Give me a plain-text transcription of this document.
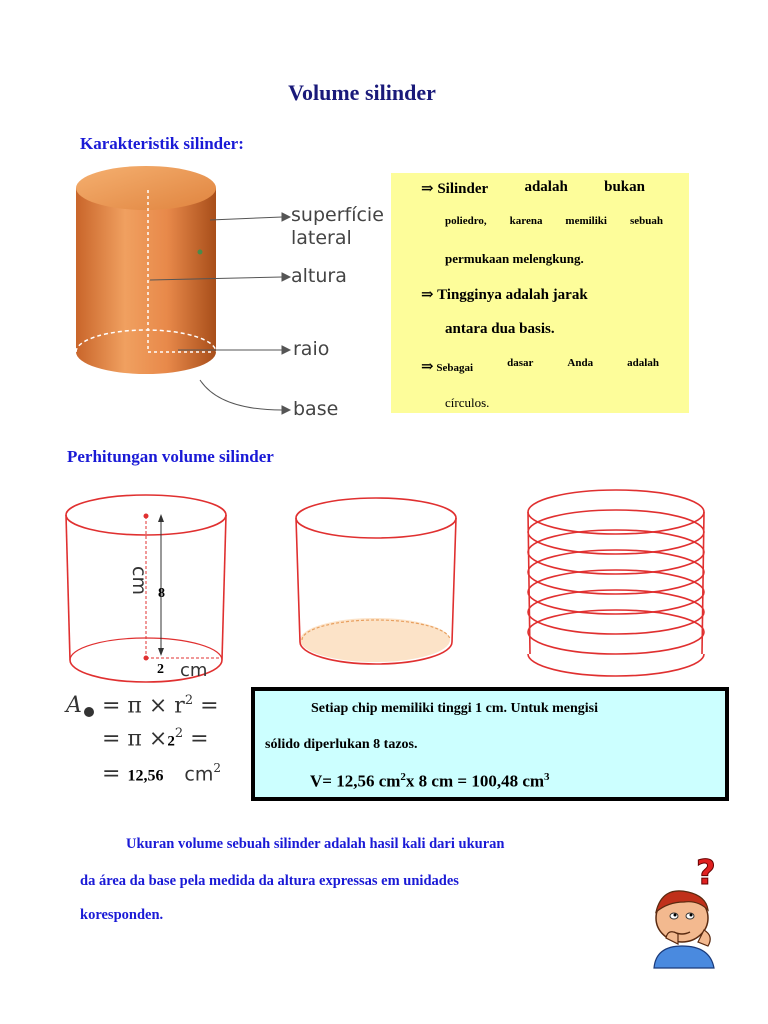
Volume silinder
Karakteristik silinder:
superfície
lateral
altura
raio
base
⇒ Silinder adalah bukan
poliedro, karena memiliki sebuah
permukaan melengkung.
⇒ Tingginya adalah jarak
antara dua basis.
⇒ Sebagai	dasar	Anda	adalah
círculos.
Perhitungan volume silinder
cm 8
2 cm
$A = \pi \times r^2$ =
= $\pi \times 2^2$ =
= 12,56 $cm^2$
Setiap chip memiliki tinggi 1 cm. Untuk mengisi
sólido diperlukan 8 tazos.
V= 12,56 $cm^2x$ 8 cm = 100,48 $cm^3$
Ukuran volume sebuah silinder adalah hasil kali dari ukuran
da área da base pela medida da altura expressas em unidades
koresponden.
?
